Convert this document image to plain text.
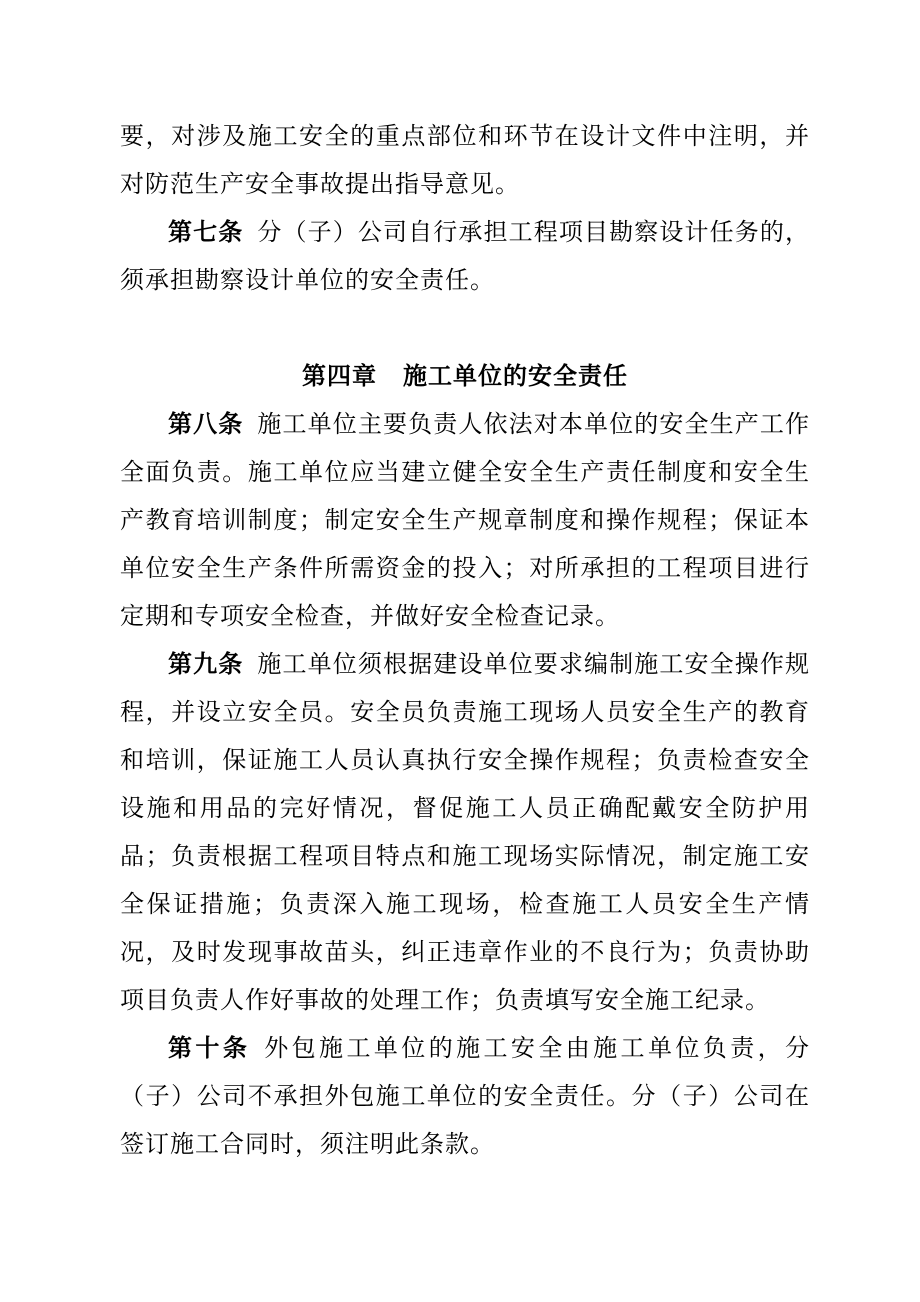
要，对涉及施工安全的重点部位和环节在设计文件中注明，并对防范生产安全事故提出指导意见。

第七条 分（子）公司自行承担工程项目勘察设计任务的，须承担勘察设计单位的安全责任。

第四章 施工单位的安全责任

第八条 施工单位主要负责人依法对本单位的安全生产工作全面负责。施工单位应当建立健全安全生产责任制度和安全生产教育培训制度；制定安全生产规章制度和操作规程；保证本单位安全生产条件所需资金的投入；对所承担的工程项目进行定期和专项安全检查，并做好安全检查记录。

第九条 施工单位须根据建设单位要求编制施工安全操作规程，并设立安全员。安全员负责施工现场人员安全生产的教育和培训，保证施工人员认真执行安全操作规程；负责检查安全设施和用品的完好情况，督促施工人员正确配戴安全防护用品；负责根据工程项目特点和施工现场实际情况，制定施工安全保证措施；负责深入施工现场，检查施工人员安全生产情况，及时发现事故苗头，纠正违章作业的不良行为；负责协助项目负责人作好事故的处理工作；负责填写安全施工纪录。

第十条 外包施工单位的施工安全由施工单位负责，分（子）公司不承担外包施工单位的安全责任。分（子）公司在签订施工合同时，须注明此条款。
